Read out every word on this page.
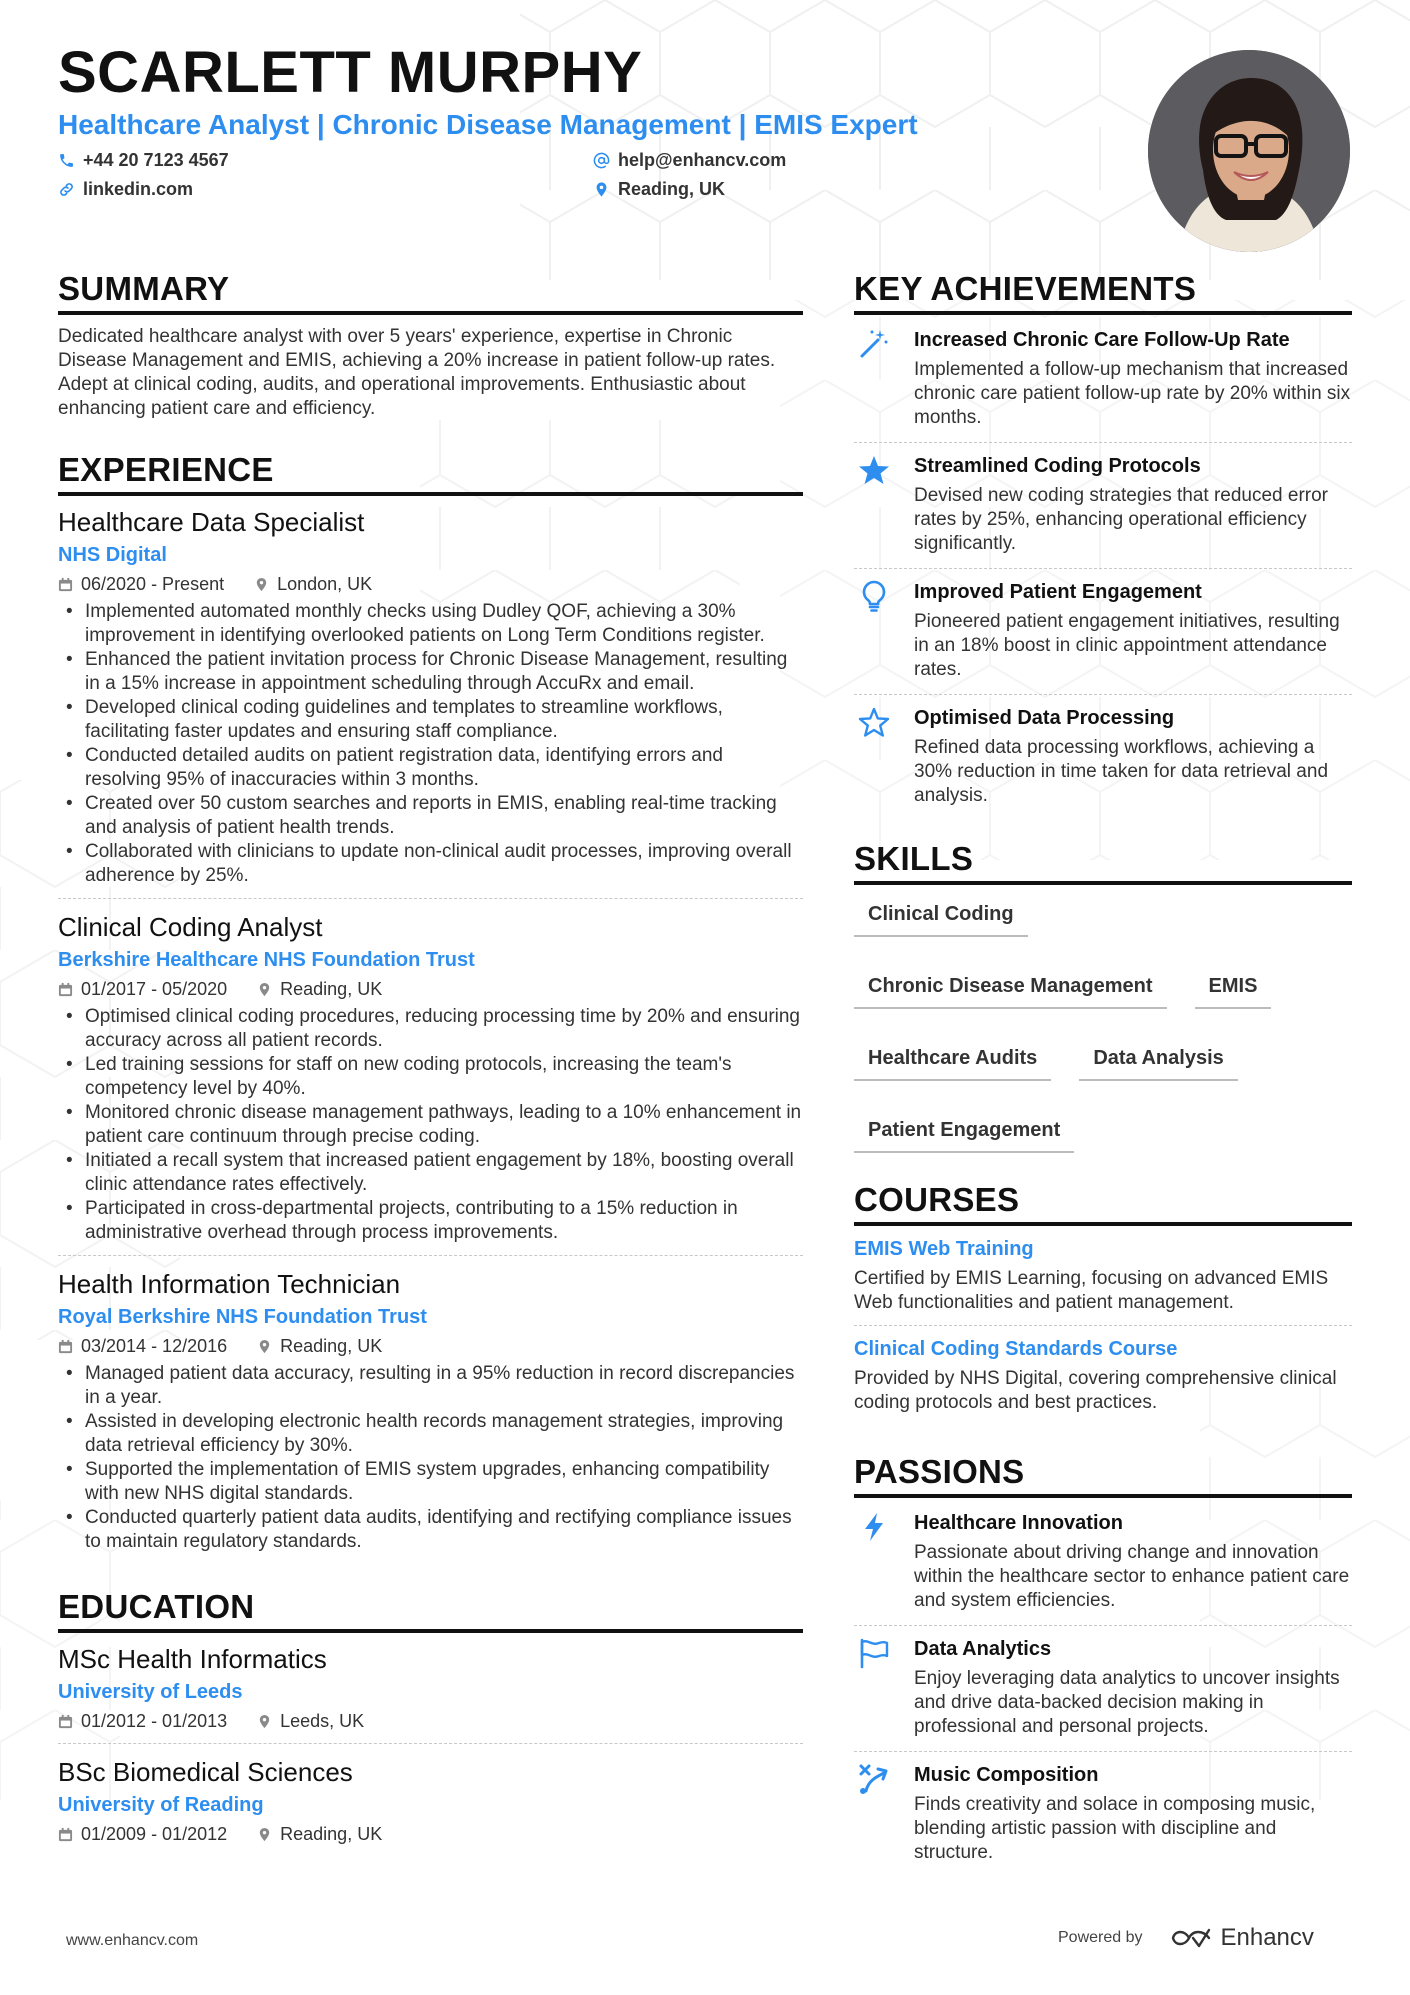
SCARLETT MURPHY
Healthcare Analyst | Chronic Disease Management | EMIS Expert
+44 20 7123 4567	help@enhancv.com
linkedin.com	Reading, UK
SUMMARY

Dedicated healthcare analyst with over 5 years' experience, expertise in Chronic Disease Management and EMIS, achieving a 20% increase in patient follow-up rates. Adept at clinical coding, audits, and operational improvements. Enthusiastic about enhancing patient care and efficiency.

EXPERIENCE
Healthcare Data Specialist
NHS Digital
06/2020 - Present	London, UK
• Implemented automated monthly checks using Dudley QOF, achieving a 30% improvement in identifying overlooked patients on Long Term Conditions register.
• Enhanced the patient invitation process for Chronic Disease Management, resulting in a 15% increase in appointment scheduling through AccuRx and email.
• Developed clinical coding guidelines and templates to streamline workflows, facilitating faster updates and ensuring staff compliance.
• Conducted detailed audits on patient registration data, identifying errors and resolving 95% of inaccuracies within 3 months.
• Created over 50 custom searches and reports in EMIS, enabling real-time tracking and analysis of patient health trends.
• Collaborated with clinicians to update non-clinical audit processes, improving overall adherence by 25%.
Clinical Coding Analyst
Berkshire Healthcare NHS Foundation Trust
01/2017 - 05/2020	Reading, UK
• Optimised clinical coding procedures, reducing processing time by 20% and ensuring accuracy across all patient records.
• Led training sessions for staff on new coding protocols, increasing the team's competency level by 40%.
• Monitored chronic disease management pathways, leading to a 10% enhancement in patient care continuum through precise coding.
• Initiated a recall system that increased patient engagement by 18%, boosting overall clinic attendance rates effectively.
• Participated in cross-departmental projects, contributing to a 15% reduction in administrative overhead through process improvements.
Health Information Technician
Royal Berkshire NHS Foundation Trust
03/2014 - 12/2016	Reading, UK
• Managed patient data accuracy, resulting in a 95% reduction in record discrepancies in a year.
• Assisted in developing electronic health records management strategies, improving data retrieval efficiency by 30%.
• Supported the implementation of EMIS system upgrades, enhancing compatibility with new NHS digital standards.
• Conducted quarterly patient data audits, identifying and rectifying compliance issues to maintain regulatory standards.
EDUCATION
MSc Health Informatics
University of Leeds
01/2012 - 01/2013	Leeds, UK
BSc Biomedical Sciences
University of Reading
01/2009 - 01/2012	Reading, UK
KEY ACHIEVEMENTS
Increased Chronic Care Follow-Up Rate
Implemented a follow-up mechanism that increased chronic care patient follow-up rate by 20% within six months.
Streamlined Coding Protocols
Devised new coding strategies that reduced error rates by 25%, enhancing operational efficiency significantly.
Improved Patient Engagement
Pioneered patient engagement initiatives, resulting in an 18% boost in clinic appointment attendance rates.
Optimised Data Processing
Refined data processing workflows, achieving a 30% reduction in time taken for data retrieval and analysis.
SKILLS
Clinical Coding
Chronic Disease Management	EMIS
Healthcare Audits	Data Analysis
Patient Engagement
COURSES
EMIS Web Training
Certified by EMIS Learning, focusing on advanced EMIS Web functionalities and patient management.
Clinical Coding Standards Course
Provided by NHS Digital, covering comprehensive clinical coding protocols and best practices.
PASSIONS
Healthcare Innovation
Passionate about driving change and innovation within the healthcare sector to enhance patient care and system efficiencies.
Data Analytics
Enjoy leveraging data analytics to uncover insights and drive data-backed decision making in professional and personal projects.
Music Composition
Finds creativity and solace in composing music, blending artistic passion with discipline and structure.
www.enhancv.com	Powered by	Enhancv
